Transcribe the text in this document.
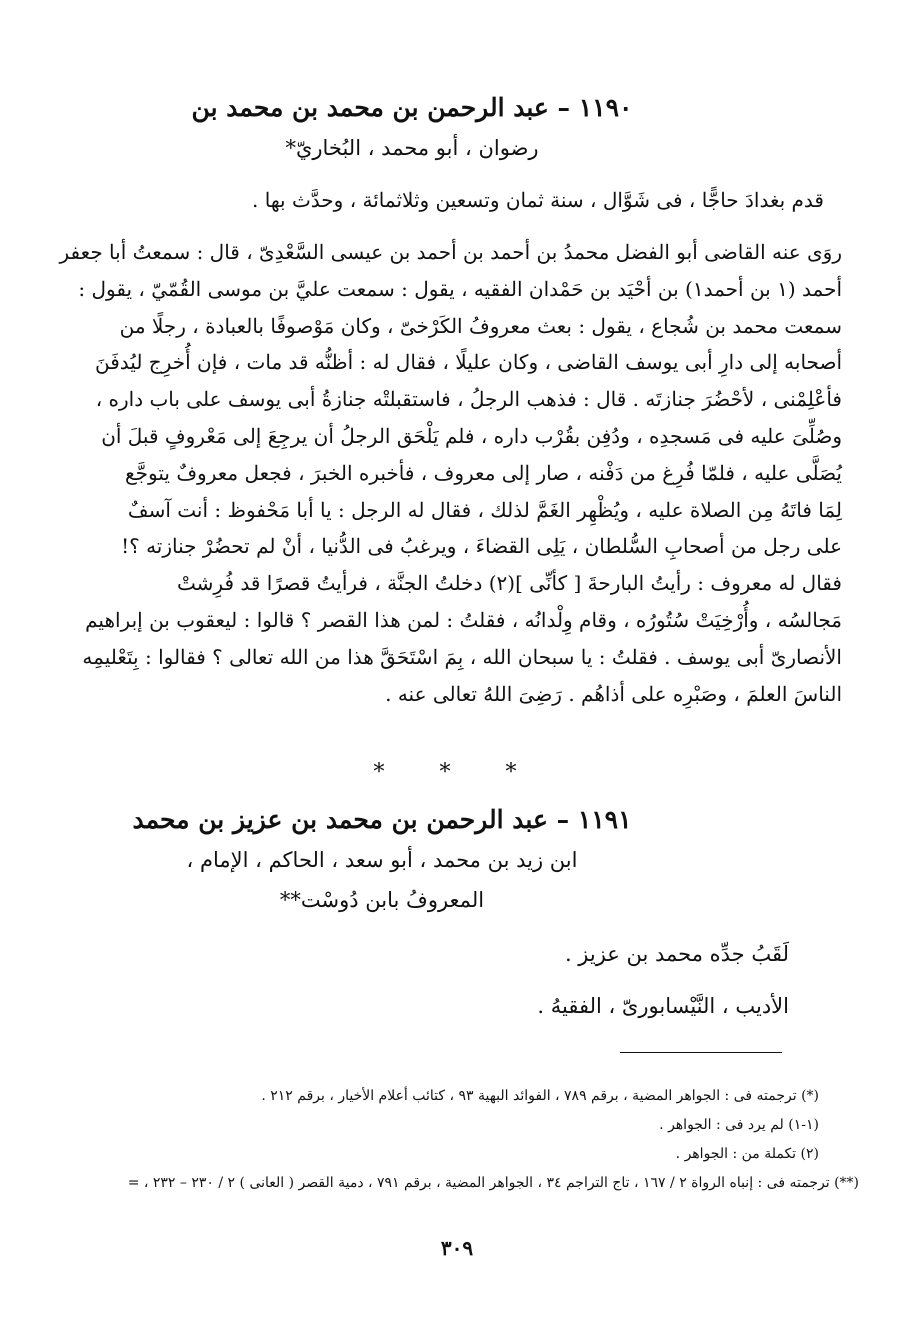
١١٩٠ – عبد الرحمن بن محمد بن محمد بن
رضوان ، أبو محمد ، البُخاريّ*
قدم بغدادَ حاجًّا ، فى شَوَّال ، سنة ثمان وتسعين وثلاثمائة ، وحدَّث بها .
روَى عنه القاضى أبو الفضل محمدُ بن أحمد بن أحمد بن عيسى السَّعْدِىّ ، قال : سمعتُ أبا جعفر
أحمد (١ بن أحمد١) بن أحْيَد بن حَمْدان الفقيه ، يقول : سمعت عليَّ بن موسى القُمّيّ ، يقول :
سمعت محمد بن شُجاع ، يقول : بعث معروفُ الكَرْخىّ ، وكان مَوْصوفًا بالعبادة ، رجلًا من
أصحابه إلى دارِ أبى يوسف القاضى ، وكان عليلًا ، فقال له : أظنُّه قد مات ، فإن أُخرِج ليُدفَنَ
فأعْلِمْنى ، لأحْضُرَ جنازتَه . قال : فذهب الرجلُ ، فاستقبلتْه جنازةُ أبى يوسف على باب داره ،
وصُلِّىَ عليه فى مَسجدِه ، ودُفِن بقُرْب داره ، فلم يَلْحَق الرجلُ أن يرجِعَ إلى مَعْروفٍ قبلَ أن
يُصَلَّى عليه ، فلمّا فُرِغ من دَفْنه ، صار إلى معروف ، فأخبره الخبرَ ، فجعل معروفٌ يتوجَّع
لِمَا فاتَهُ مِن الصلاة عليه ، ويُظْهِر الغَمَّ لذلك ، فقال له الرجل : يا أبا مَحْفوظ : أنت آسفٌ
على رجل من أصحابِ السُّلطان ، يَلِى القضاءَ ، ويرغبُ فى الدُّنيا ، أنْ لم تحضُرْ جنازته ؟!
فقال له معروف : رأيتُ البارحةَ [ كأنِّى ](٢) دخلتُ الجنَّة ، فرأيتُ قصرًا قد فُرِشتْ
مَجالسُه ، وأُرْخِيَتْ سُتُورُه ، وقام وِلْدانُه ، فقلتُ : لمن هذا القصر ؟ قالوا : ليعقوب بن إبراهيم
الأنصارىّ أبى يوسف . فقلتُ : يا سبحان الله ، بِمَ اسْتَحَقَّ هذا من الله تعالى ؟ فقالوا : بِتَعْليمِه
الناسَ العلمَ ، وصَبْرِه على أذاهُم . رَضِىَ اللهُ تعالى عنه .
* * *
١١٩١ – عبد الرحمن بن محمد بن عزيز بن محمد
ابن زيد بن محمد ، أبو سعد ، الحاكم ، الإمام ،
المعروفُ بابن دُوسْت**
لَقَبُ جدِّه محمد بن عزيز .
الأديب ، النَّيْسابورىّ ، الفقيهُ .
(*) ترجمته فى : الجواهر المضية ، برقم ٧٨٩ ، الفوائد البهية ٩٣ ، كتائب أعلام الأخيار ، برقم ٢١٢ .
(١-١) لم يرد فى : الجواهر .
(٢) تكملة من : الجواهر .
(**) ترجمته فى : إنباه الرواة ٢ / ١٦٧ ، تاج التراجم ٣٤ ، الجواهر المضية ، برقم ٧٩١ ، دمية القصر ( العانى ) ٢ / ٢٣٠ – ٢٣٢ ، =
٣٠٩
